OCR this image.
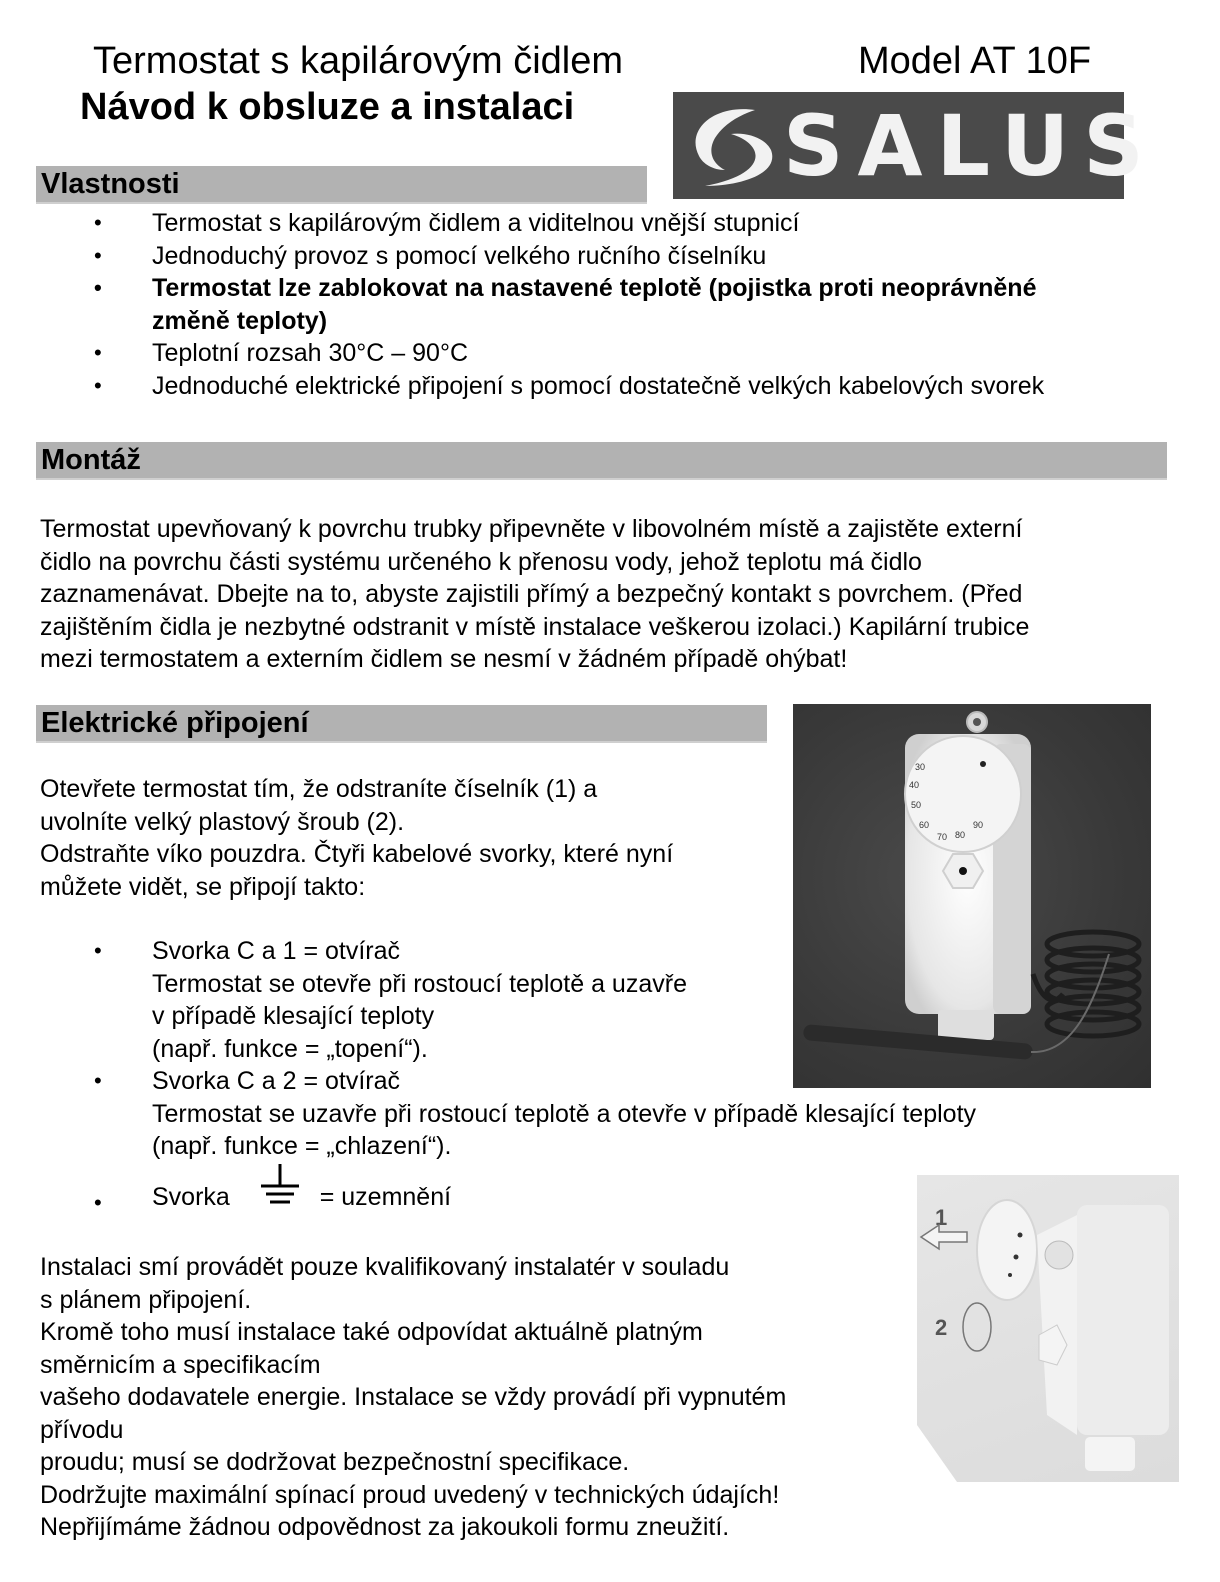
Termostat s kapilárovým čidlem	Model AT 10F
Návod k obsluze a instalaci SALUS
Vlastnosti
• Termostat s kapilárovým čidlem a viditelnou vnější stupnicí
• Jednoduchý provoz s pomocí velkého ručního číselníku
• Termostat lze zablokovat na nastavené teplotě (pojistka proti neoprávněné
změně teploty)
• Teplotní rozsah 30°C – 90°C
• Jednoduché elektrické připojení s pomocí dostatečně velkých kabelových svorek
Montáž
Termostat upevňovaný k povrchu trubky připevněte v libovolném místě a zajistěte externí
čidlo na povrchu části systému určeného k přenosu vody, jehož teplotu má čidlo
zaznamenávat. Dbejte na to, abyste zajistili přímý a bezpečný kontakt s povrchem. (Před
zajištěním čidla je nezbytné odstranit v místě instalace veškerou izolaci.) Kapilární trubice
mezi termostatem a externím čidlem se nesmí v žádném případě ohýbat!
Elektrické připojení
Otevřete termostat tím, že odstraníte číselník (1) a
uvolníte velký plastový šroub (2).
Odstraňte víko pouzdra. Čtyři kabelové svorky, které nyní
můžete vidět, se připojí takto:
• Svorka C a 1 = otvírač
Termostat se otevře při rostoucí teplotě a uzavře
v případě klesající teploty
(např. funkce = „topení“).
• Svorka C a 2 = otvírač
Termostat se uzavře při rostoucí teplotě a otevře v případě klesající teploty
(např. funkce = „chlazení“).
• Svorka	= uzemnění
Instalaci smí provádět pouze kvalifikovaný instalatér v souladu
s plánem připojení.
Kromě toho musí instalace také odpovídat aktuálně platným
směrnicím a specifikacím
vašeho dodavatele energie. Instalace se vždy provádí při vypnutém
přívodu
proudu; musí se dodržovat bezpečnostní specifikace.
Dodržujte maximální spínací proud uvedený v technických údajích!
Nepřijímáme žádnou odpovědnost za jakoukoli formu zneužití.
30
40
50
60
70 80
90
1
2
